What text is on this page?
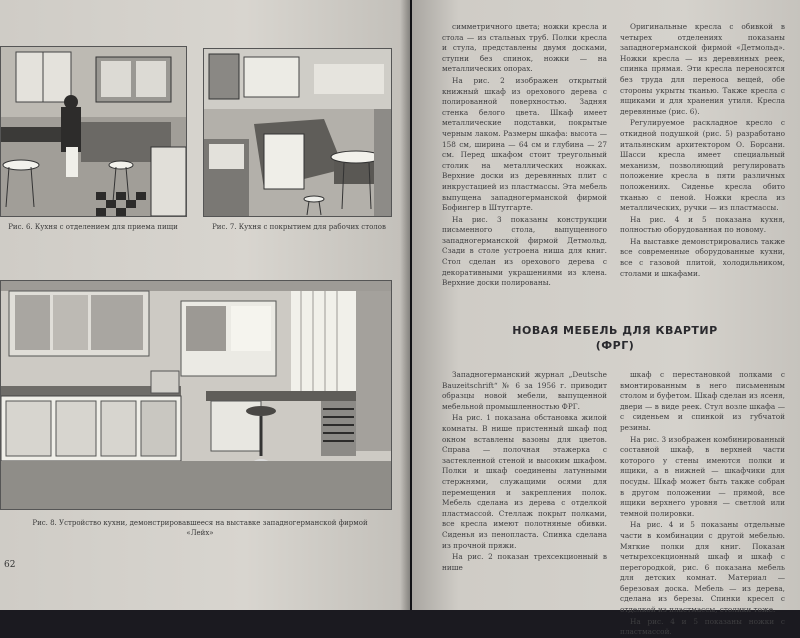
Рис. 6. Кухня с отделением для приема пищи	Рис. 7. Кухня с покрытием для рабочих столов
Рис. 8. Устройство кухни, демонстрировавшееся на выставке западногерманской фирмой «Лейх»
62

симметричного цвета; ножки кресла и стола — из стальных труб. Полки кресла и стула, представлены двумя досками, ступни без спинок, ножки — на металлических опорах.

На рис. 2 изображен открытый книжный шкаф из орехового дерева с полированной поверхностью. Задняя стенка белого цвета. Шкаф имеет металлические подставки, покрытые черным лаком. Размеры шкафа: высота — 158 см, ширина — 64 см и глубина — 27 см. Перед шкафом стоит треугольный столик на металлических ножках. Верхние доски из деревянных плит с инкрустацией из пластмассы. Эта мебель выпущена западногерманской фирмой Бофингер в Штутгарте.

На рис. 3 показаны конструкции письменного стола, выпущенного западногерманской фирмой Детмольд. Сзади в столе устроена ниша для книг. Стол сделан из орехового дерева с декоративными украшениями из клена. Верхние доски полированы.

Оригинальные кресла с обивкой в четырех отделениях показаны западногерманской фирмой «Детмольд». Ножки кресла — из деревянных реек, спинка прямая. Эти кресла переносятся без труда для переноса вещей, обе стороны укрыты тканью. Также кресла с ящиками и для хранения утиля. Кресла деревянные (рис. 6).

Регулируемое раскладное кресло с откидной подушкой (рис. 5) разработано итальянским архитектором О. Борсани. Шасси кресла имеет специальный механизм, позволяющий регулировать положение кресла в пяти различных положениях. Сиденье кресла обито тканью с пеной. Ножки кресла из металлических, ручки — из пластмассы.

На рис. 4 и 5 показана кухня, полностью оборудованная по новому.

На выставке демонстрировались также все современные оборудованные кухни, все с газовой плитой, холодильником, столами и шкафами.

Западногерманский журнал „Deutsche Bauzeitschrift“ № 6 за 1956 г. приводит образцы новой мебели, выпущенной мебельной промышленностью ФРГ.

На рис. 1 показана обстановка жилой комнаты. В нише пристенный шкаф под окном вставлены вазоны для цветов. Справа — полочная этажерка с застекленной стеной и высоким шкафом. Полки и шкаф соединены латунными стержнями, служащими осями для перемещения и закрепления полок. Мебель сделана из дерева с отделкой пластмассой. Стеллаж покрыт полками, все кресла имеют полотняные обивки. Сиденья из пенопласта. Спинка сделана из прочной пряжи.

На рис. 2 показан трехсекционный в нише

шкаф с перестановкой полками с вмонтированным в него письменным столом и буфетом. Шкаф сделан из ясеня, двери — в виде реек. Стул возле шкафа — с сиденьем и спинкой из губчатой резины.

На рис. 3 изображен комбинированный составной шкаф, в верхней части которого у стены имеются полки и ящики, а в нижней — шкафчики для посуды. Шкаф может быть также собран в другом положении — прямой, все ящики верхнего уровня — светлой или темной полировки.

На рис. 4 и 5 показаны отдельные части в комбинации с другой мебелью. Мягкие полки для книг. Показан четырехсекционный шкаф и шкаф с перегородкой, рис. 6 показана мебель для детских комнат. Материал — березовая доска. Мебель — из дерева, сделана из березы. Спинки кресел с отделкой из пластмассы, столики тоже.

На рис. 4 и 5 показаны ножки с пластмассой.

НОВАЯ МЕБЕЛЬ ДЛЯ КВАРТИР
(ФРГ)
